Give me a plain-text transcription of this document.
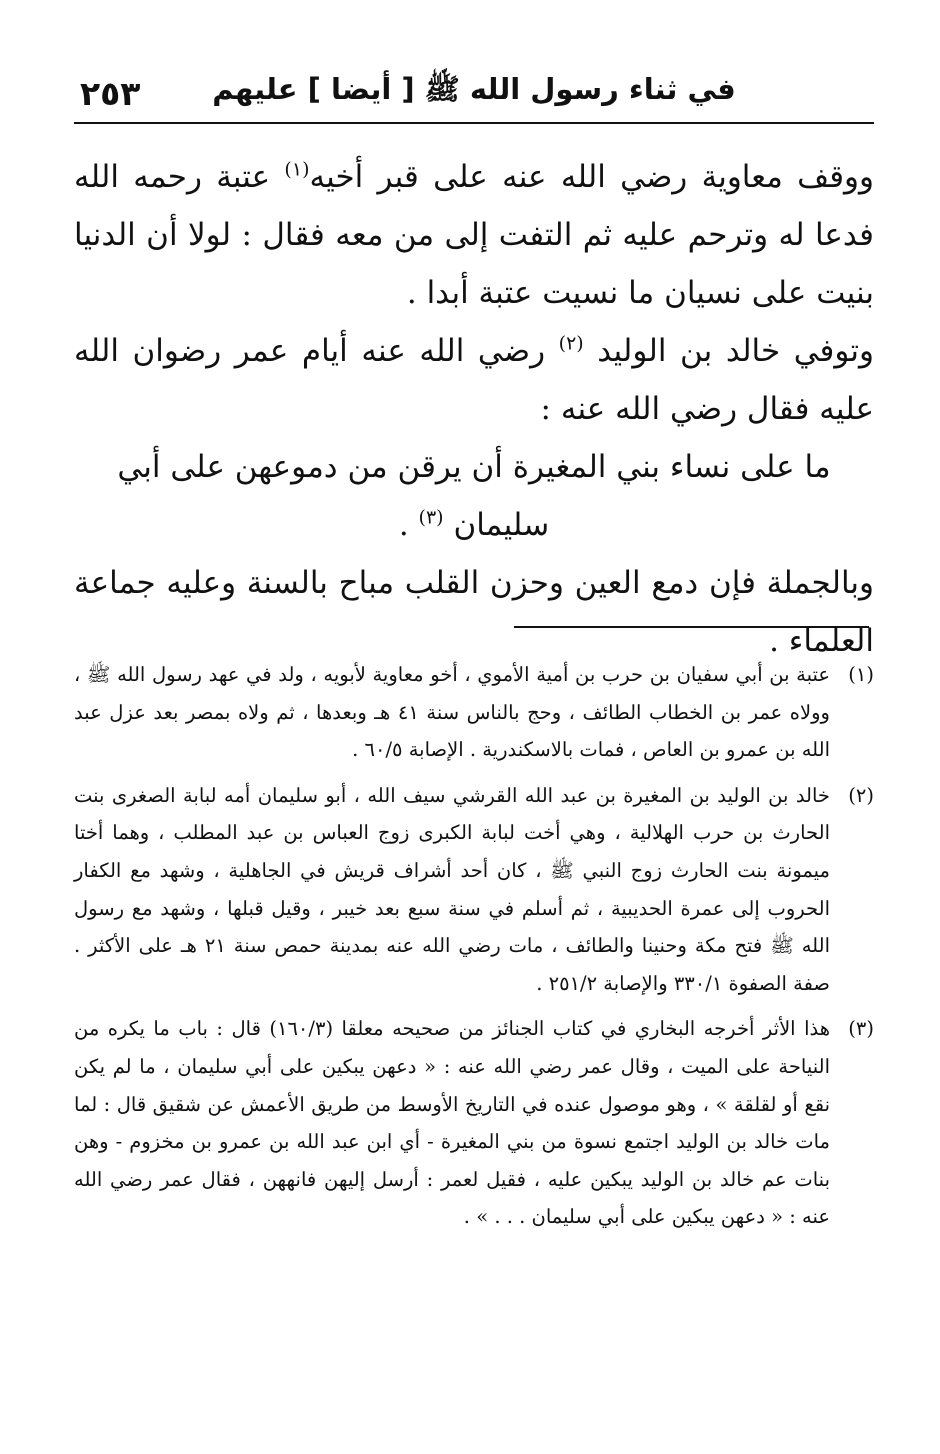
في ثناء رسول الله ﷺ [ أيضا ] عليهم
٢٥٣

ووقف معاوية رضي الله عنه على قبر أخيه$^{(١)}$ عتبة رحمه الله فدعا له وترحم عليه ثم التفت إلى من معه فقال : لولا أن الدنيا بنيت على نسيان ما نسيت عتبة أبدا .

وتوفي خالد بن الوليد $^{(٢)}$ رضي الله عنه أيام عمر رضوان الله عليه فقال رضي الله عنه :

ما على نساء بني المغيرة أن يرقن من دموعهن على أبي سليمان $^{(٣)}$ .

وبالجملة فإن دمع العين وحزن القلب مباح بالسنة وعليه جماعة العلماء .

(١)
عتبة بن أبي سفيان بن حرب بن أمية الأموي ، أخو معاوية لأبويه ، ولد في عهد رسول الله ﷺ ، وولاه عمر بن الخطاب الطائف ، وحج بالناس سنة ٤١ هـ وبعدها ، ثم ولاه بمصر بعد عزل عبد الله بن عمرو بن العاص ، فمات بالاسكندرية . الإصابة ٦٠/٥ .

(٢)
خالد بن الوليد بن المغيرة بن عبد الله القرشي سيف الله ، أبو سليمان أمه لبابة الصغرى بنت الحارث بن حرب الهلالية ، وهي أخت لبابة الكبرى زوج العباس بن عبد المطلب ، وهما أختا ميمونة بنت الحارث زوج النبي ﷺ ، كان أحد أشراف قريش في الجاهلية ، وشهد مع الكفار الحروب إلى عمرة الحديبية ، ثم أسلم في سنة سبع بعد خيبر ، وقيل قبلها ، وشهد مع رسول الله ﷺ فتح مكة وحنينا والطائف ، مات رضي الله عنه بمدينة حمص سنة ٢١ هـ على الأكثر . صفة الصفوة ٣٣٠/١ والإصابة ٢٥١/٢ .

(٣)
هذا الأثر أخرجه البخاري في كتاب الجنائز من صحيحه معلقا (١٦٠/٣) قال : باب ما يكره من النياحة على الميت ، وقال عمر رضي الله عنه : « دعهن يبكين على أبي سليمان ، ما لم يكن نقع أو لقلقة » ، وهو موصول عنده في التاريخ الأوسط من طريق الأعمش عن شقيق قال : لما مات خالد بن الوليد اجتمع نسوة من بني المغيرة - أي ابن عبد الله بن عمرو بن مخزوم - وهن بنات عم خالد بن الوليد يبكين عليه ، فقيل لعمر : أرسل إليهن فانههن ، فقال عمر رضي الله عنه : « دعهن يبكين على أبي سليمان . . . » .
